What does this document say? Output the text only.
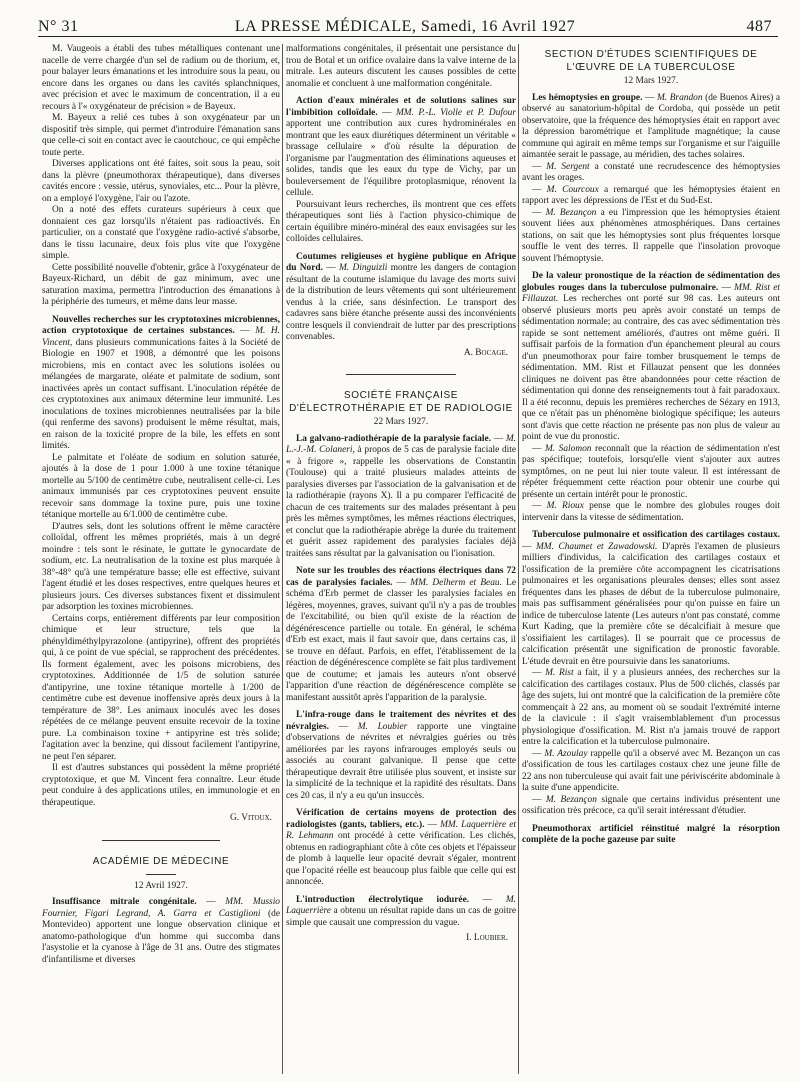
N° 31	LA PRESSE MÉDICALE, Samedi, 16 Avril 1927	487

M. Vaugeois a établi des tubes métalliques contenant une nacelle de verre chargée d'un sel de radium ou de thorium, et, pour balayer leurs émanations et les introduire sous la peau, ou encore dans les organes ou dans les cavités splanchniques, avec précision et avec le maximum de concentration, il a eu recours à l'« oxygénateur de précision » de Bayeux.

M. Bayeux a relié ces tubes à son oxygénateur par un dispositif très simple, qui permet d'introduire l'émanation sans que celle-ci soit en contact avec le caoutchouc, ce qui empêche toute perte.

Diverses applications ont été faites, soit sous la peau, soit dans la plèvre (pneumothorax thérapeutique), dans diverses cavités encore : vessie, utérus, synoviales, etc... Pour la plèvre, on a employé l'oxygène, l'air ou l'azote.

On a noté des effets curateurs supérieurs à ceux que donnaient ces gaz lorsqu'ils n'étaient pas radioactivés. En particulier, on a constaté que l'oxygène radio-activé s'absorbe, dans le tissu lacunaire, deux fois plus vite que l'oxygène simple.

Cette possibilité nouvelle d'obtenir, grâce à l'oxygénateur de Bayeux-Richard, un débit de gaz minimum, avec une saturation maxima, permettra l'introduction des émanations à la périphérie des tumeurs, et même dans leur masse.

Nouvelles recherches sur les cryptotoxines microbiennes, action cryptotoxique de certaines substances. — M. H. Vincent, dans plusieurs communications faites à la Société de Biologie en 1907 et 1908, a démontré que les poisons microbiens, mis en contact avec les solutions isolées ou mélangées de margarate, oléate et palmitate de sodium, sont inactivées après un contact suffisant. L'inoculation répétée de ces cryptotoxines aux animaux détermine leur immunité. Les inoculations de toxines microbiennes neutralisées par la bile (qui renferme des savons) produisent le même résultat, mais, en raison de la toxicité propre de la bile, les effets en sont limités.

Le palmitate et l'oléate de sodium en solution saturée, ajoutés à la dose de 1 pour 1.000 à une toxine tétanique mortelle au 5/100 de centimètre cube, neutralisent celle-ci. Les animaux immunisés par ces cryptotoxines peuvent ensuite recevoir sans dommage la toxine pure, puis une toxine tétanique mortelle au 6/1.000 de centimètre cube.

D'autres sels, dont les solutions offrent le même caractère colloïdal, offrent les mêmes propriétés, mais à un degré moindre : tels sont le résinate, le guttate le gynocardate de sodium, etc. La neutralisation de la toxine est plus marquée à 38°-48° qu'à une température basse; elle est effective, suivant l'agent étudié et les doses respectives, entre quelques heures et plusieurs jours. Ces diverses substances fixent et dissimulent par adsorption les toxines microbiennes.

Certains corps, entièrement différents par leur composition chimique et leur structure, tels que la phényldiméthylpyrazolone (antipyrine), offrent des propriétés qui, à ce point de vue spécial, se rapprochent des précédentes. Ils forment également, avec les poisons microbiens, des cryptotoxines. Additionnée de 1/5 de solution saturée d'antipyrine, une toxine tétanique mortelle à 1/200 de centimètre cube est devenue inoffensive après deux jours à la température de 38°. Les animaux inoculés avec les doses répétées de ce mélange peuvent ensuite recevoir de la toxine pure. La combinaison toxine + antipyrine est très solide; l'agitation avec la benzine, qui dissout facilement l'antipyrine, ne peut l'en séparer.

Il est d'autres substances qui possèdent la même propriété cryptotoxique, et que M. Vincent fera connaître. Leur étude peut conduire à des applications utiles, en immunologie et en thérapeutique.

G. Vitoux.
ACADÉMIE DE MÉDECINE
12 Avril 1927.

Insuffisance mitrale congénitale. — MM. Mussio Fournier, Figari Legrand, A. Garra et Castiglioni (de Montevideo) apportent une longue observation clinique et anatomo-pathologique d'un homme qui succomba dans l'asystolie et la cyanose à l'âge de 31 ans. Outre des stigmates d'infantilisme et diverses

malformations congénitales, il présentait une persistance du trou de Botal et un orifice ovalaire dans la valve interne de la mitrale. Les auteurs discutent les causes possibles de cette anomalie et concluent à une malformation congénitale.

Action d'eaux minérales et de solutions salines sur l'imbibition colloïdale. — MM. P.-L. Violle et P. Dufour apportent une contribution aux cures hydrominérales en montrant que les eaux diurétiques déterminent un véritable « brassage cellulaire » d'où résulte la dépuration de l'organisme par l'augmentation des éliminations aqueuses et solides, tandis que les eaux du type de Vichy, par un bouleversement de l'équilibre protoplasmique, rénovent la cellule.

Poursuivant leurs recherches, ils montrent que ces effets thérapeutiques sont liés à l'action physico-chimique de certain équilibre minéro-minéral des eaux envisagées sur les colloïdes cellulaires.

Coutumes religieuses et hygiène publique en Afrique du Nord. — M. Dinguizli montre les dangers de contagion résultant de la coutume islamique du lavage des morts suivi de la distribution de leurs vêtements qui sont ultérieurement vendus à la criée, sans désinfection. Le transport des cadavres sans bière étanche présente aussi des inconvénients contre lesquels il conviendrait de lutter par des prescriptions convenables.

A. Bocage.
SOCIÉTÉ FRANÇAISE D'ÉLECTROTHÉRAPIE ET DE RADIOLOGIE
22 Mars 1927.

La galvano-radiothérapie de la paralysie faciale. — M. L.-J.-M. Colaneri, à propos de 5 cas de paralysie faciale dite « à frigore », rappelle les observations de Constantin (Toulouse) qui a traité plusieurs malades atteints de paralysies diverses par l'association de la galvanisation et de la radiothérapie (rayons X). Il a pu comparer l'efficacité de chacun de ces traitements sur des malades présentant à peu près les mêmes symptômes, les mêmes réactions électriques, et conclut que la radiothérapie abrège la durée du traitement et guérit assez rapidement des paralysies faciales déjà traitées sans résultat par la galvanisation ou l'ionisation.

Note sur les troubles des réactions électriques dans 72 cas de paralysies faciales. — MM. Delherm et Beau. Le schéma d'Erb permet de classer les paralysies faciales en légères, moyennes, graves, suivant qu'il n'y a pas de troubles de l'excitabilité, ou bien qu'il existe de la réaction de dégénérescence partielle ou totale. En général, le schéma d'Erb est exact, mais il faut savoir que, dans certains cas, il se trouve en défaut. Parfois, en effet, l'établissement de la réaction de dégénérescence complète se fait plus tardivement que de coutume; et jamais les auteurs n'ont observé l'apparition d'une réaction de dégénérescence complète se manifestant aussitôt après l'apparition de la paralysie.

L'infra-rouge dans le traitement des névrites et des névralgies. — M. Loubier rapporte une vingtaine d'observations de névrites et névralgies guéries ou très améliorées par les rayons infrarouges employés seuls ou associés au courant galvanique. Il pense que cette thérapeutique devrait être utilisée plus souvent, et insiste sur la simplicité de la technique et la rapidité des résultats. Dans ces 20 cas, il n'y a eu qu'un insuccès.

Vérification de certains moyens de protection des radiologistes (gants, tabliers, etc.). — MM. Laquerrière et R. Lehmann ont procédé à cette vérification. Les clichés, obtenus en radiographiant côte à côte ces objets et l'épaisseur de plomb à laquelle leur opacité devrait s'égaler, montrent que l'opacité réelle est beaucoup plus faible que celle qui est annoncée.

L'introduction électrolytique iodurée. — M. Laquerrière a obtenu un résultat rapide dans un cas de goitre simple que causait une compression du vague.

I. Loubier.
SECTION D'ÉTUDES SCIENTIFIQUES DE L'ŒUVRE DE LA TUBERCULOSE
12 Mars 1927.

Les hémoptysies en groupe. — M. Brandon (de Buenos Aires) a observé au sanatorium-hôpital de Cordoba, qui possède un petit observatoire, que la fréquence des hémoptysies était en rapport avec la dépression barométrique et l'amplitude magnétique; la cause commune qui agirait en même temps sur l'organisme et sur l'aiguille aimantée serait le passage, au méridien, des taches solaires.

— M. Sergent a constaté une recrudescence des hémoptysies avant les orages.

— M. Courcoux a remarqué que les hémoptysies étaient en rapport avec les dépressions de l'Est et du Sud-Est.

— M. Bezançon a eu l'impression que les hémoptysies étaient souvent liées aux phénomènes atmosphériques. Dans certaines stations, on sait que les hémoptysies sont plus fréquentes lorsque souffle le vent des terres. Il rappelle que l'insolation provoque souvent l'hémoptysie.

De la valeur pronostique de la réaction de sédimentation des globules rouges dans la tuberculose pulmonaire. — MM. Rist et Fillauzat. Les recherches ont porté sur 98 cas. Les auteurs ont observé plusieurs morts peu après avoir constaté un temps de sédimentation normale; au contraire, des cas avec sédimentation très rapide se sont nettement améliorés, d'autres ont même guéri. Il suffisait parfois de la formation d'un épanchement pleural au cours d'un pneumothorax pour faire tomber brusquement le temps de sédimentation. MM. Rist et Fillauzat pensent que les données cliniques ne doivent pas être abandonnées pour cette réaction de sédimentation qui donne des renseignements tout à fait paradoxaux. Il a été reconnu, depuis les premières recherches de Sézary en 1913, que ce n'était pas un phénomène biologique spécifique; les auteurs sont d'avis que cette réaction ne présente pas non plus de valeur au point de vue du pronostic.

— M. Salomon reconnaît que la réaction de sédimentation n'est pas spécifique; toutefois, lorsqu'elle vient s'ajouter aux autres symptômes, on ne peut lui nier toute valeur. Il est intéressant de répéter fréquemment cette réaction pour obtenir une courbe qui présente un certain intérêt pour le pronostic.

— M. Rioux pense que le nombre des globules rouges doit intervenir dans la vitesse de sédimentation.

Tuberculose pulmonaire et ossification des cartilages costaux. — MM. Chaumet et Zawadowski. D'après l'examen de plusieurs milliers d'individus, la calcification des cartilages costaux et l'ossification de la première côte accompagnent les cicatrisations pulmonaires et les organisations pleurales denses; elles sont assez fréquentes dans les phases de début de la tuberculose pulmonaire, mais pas suffisamment généralisées pour qu'on puisse en faire un indice de tuberculose latente (Les auteurs n'ont pas constaté, comme Kurt Kading, que la première côte se décalcifiait à mesure que s'ossifiaient les cartilages). Il se pourrait que ce processus de calcification présentât une signification de pronostic favorable. L'étude devrait en être poursuivie dans les sanatoriums.

— M. Rist a fait, il y a plusieurs années, des recherches sur la calcification des cartilages costaux. Plus de 500 clichés, classés par âge des sujets, lui ont montré que la calcification de la première côte commençait à 22 ans, au moment où se soudait l'extrémité interne de la clavicule : il s'agit vraisemblablement d'un processus physiologique d'ossification. M. Rist n'a jamais trouvé de rapport entre la calcification et la tuberculose pulmonaire.

— M. Azoulay rappelle qu'il a observé avec M. Bezançon un cas d'ossification de tous les cartilages costaux chez une jeune fille de 22 ans non tuberculeuse qui avait fait une périviscérite abdominale à la suite d'une appendicite.

— M. Bezançon signale que certains individus présentent une ossification très précoce, ca qu'il serait intéressant d'étudier.

Pneumothorax artificiel réinstitué malgré la résorption complète de la poche gazeuse par suite
